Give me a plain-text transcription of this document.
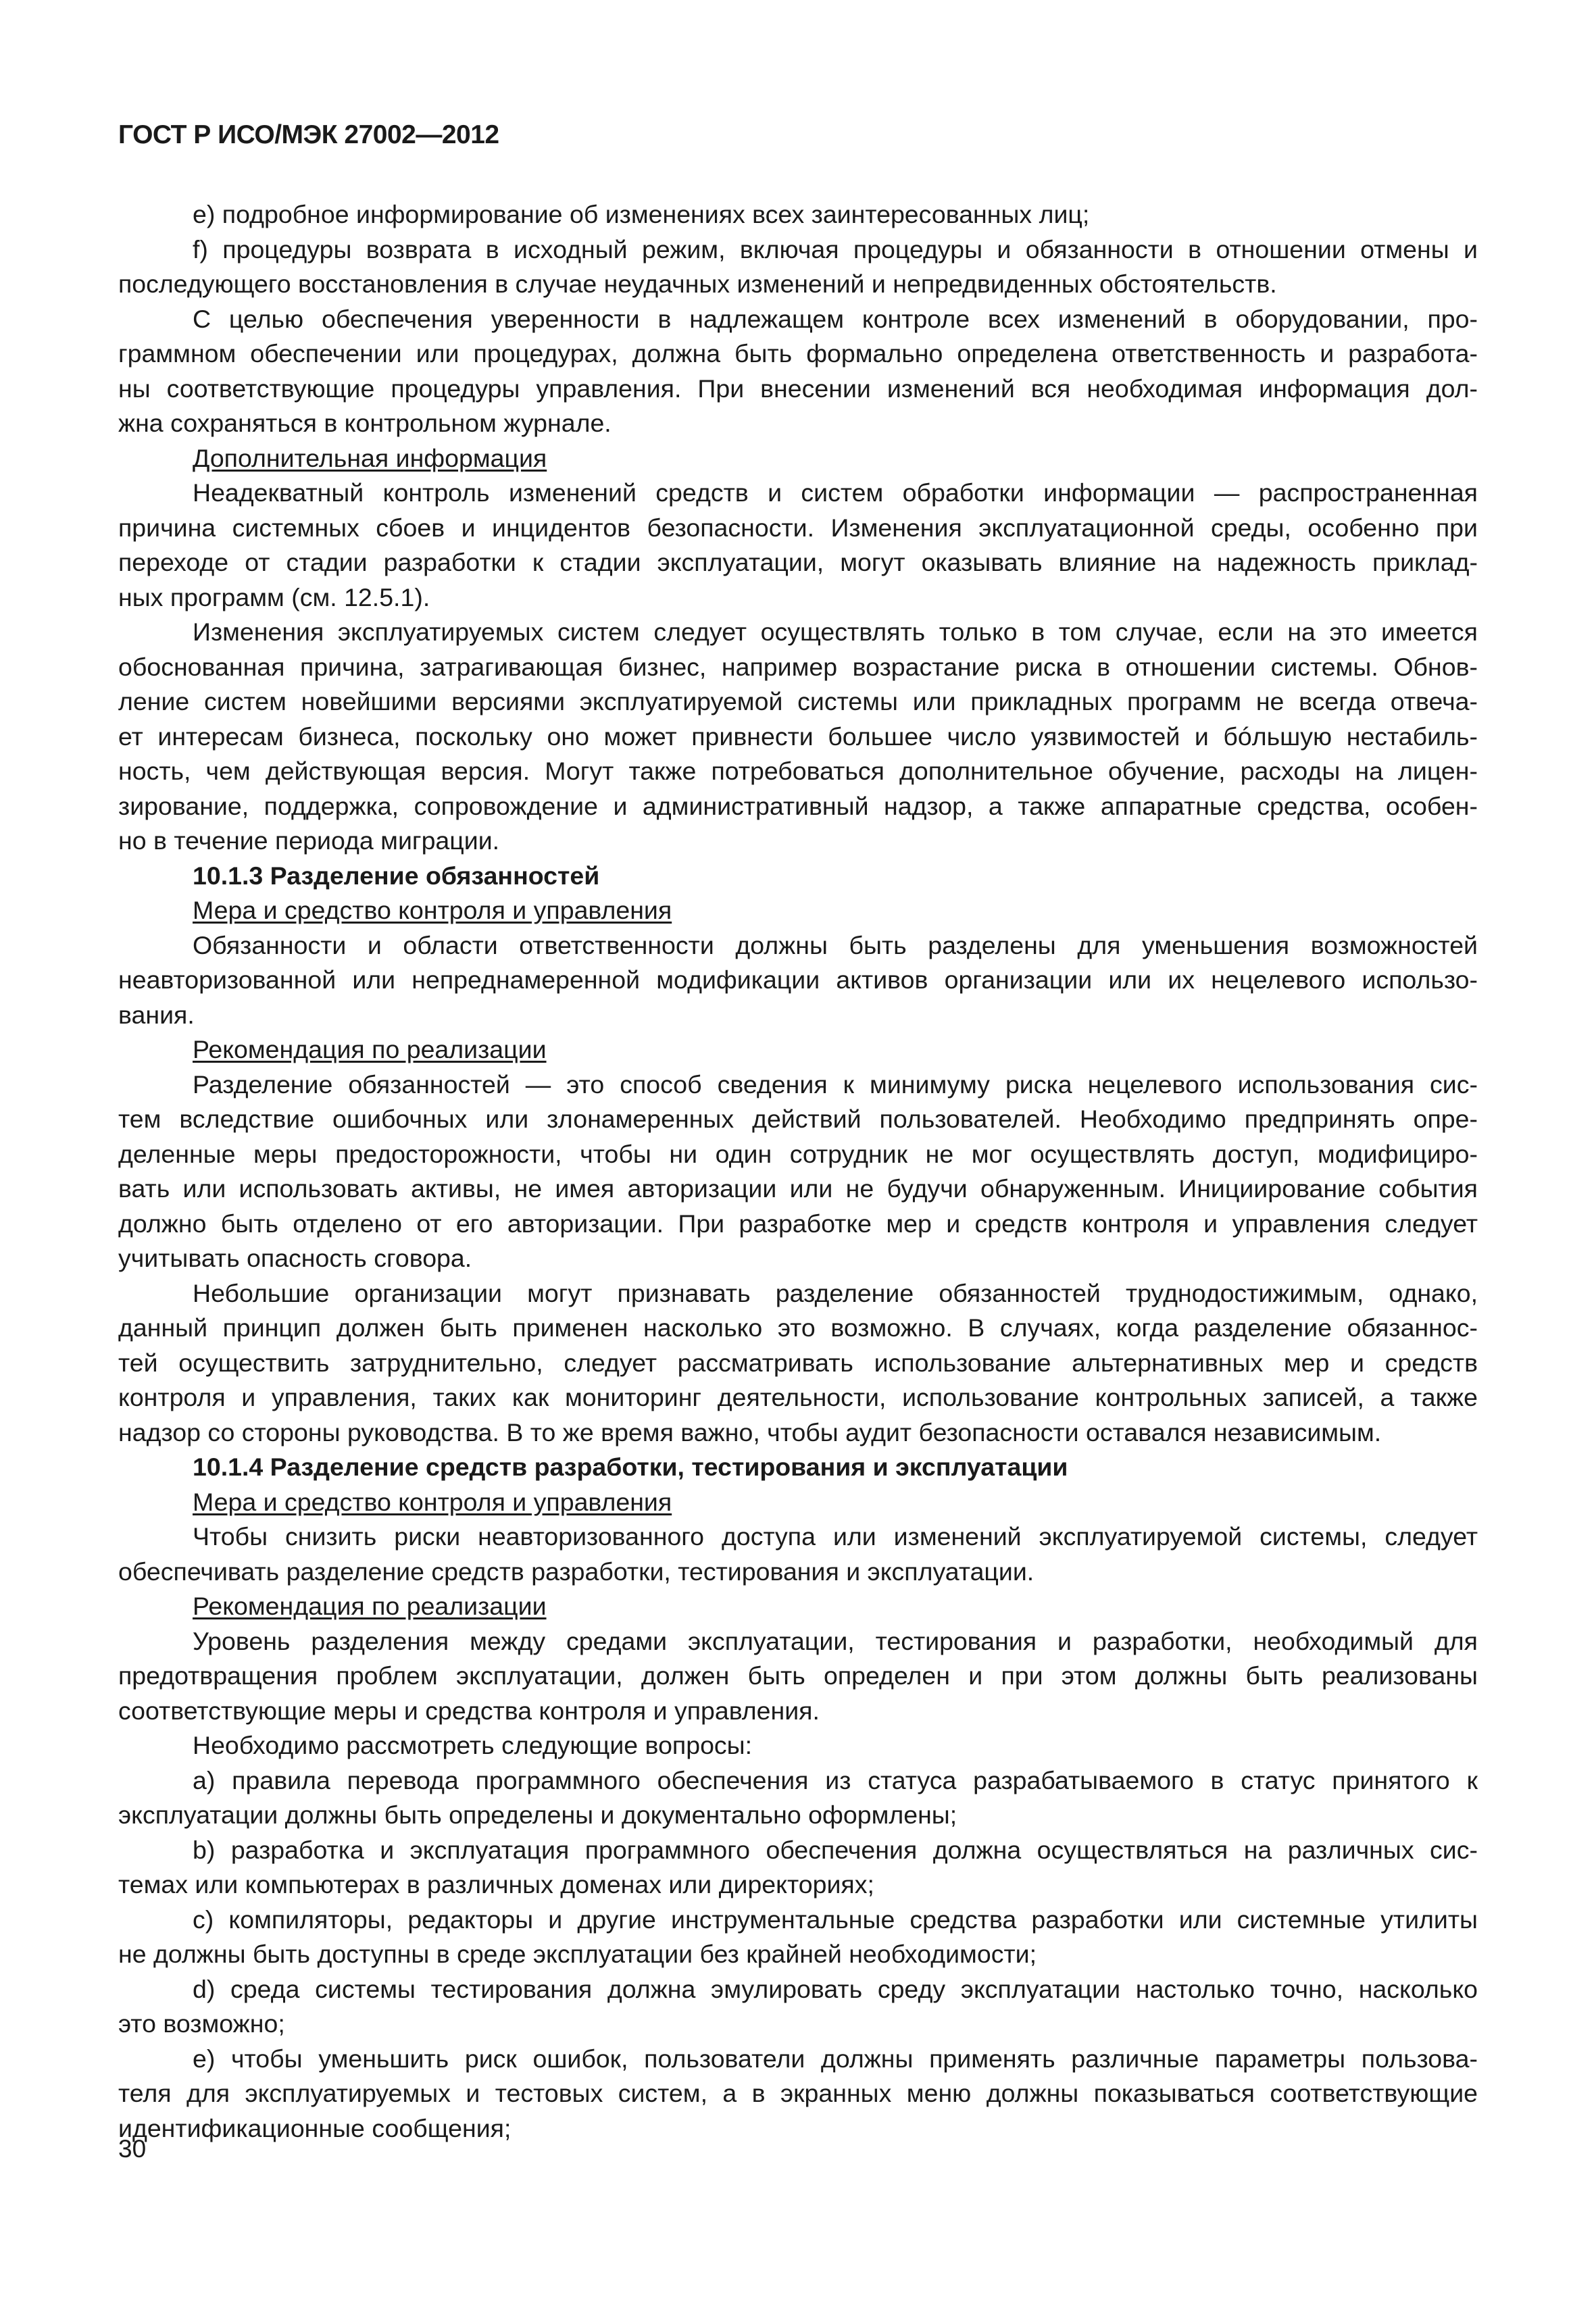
ГОСТ Р ИСО/МЭК 27002—2012
е) подробное информирование об изменениях всех заинтересованных лиц;
f) процедуры возврата в исходный режим, включая процедуры и обязанности в отношении отмены и
последующего восстановления в случае неудачных изменений и непредвиденных обстоятельств.
С целью обеспечения уверенности в надлежащем контроле всех изменений в оборудовании, про-
граммном обеспечении или процедурах, должна быть формально определена ответственность и разработа-
ны соответствующие процедуры управления. При внесении изменений вся необходимая информация дол-
жна сохраняться в контрольном журнале.
Дополнительная информация
Неадекватный контроль изменений средств и систем обработки информации — распространенная
причина системных сбоев и инцидентов безопасности. Изменения эксплуатационной среды, особенно при
переходе от стадии разработки к стадии эксплуатации, могут оказывать влияние на надежность приклад-
ных программ (см. 12.5.1).
Изменения эксплуатируемых систем следует осуществлять только в том случае, если на это имеется
обоснованная причина, затрагивающая бизнес, например возрастание риска в отношении системы. Обнов-
ление систем новейшими версиями эксплуатируемой системы или прикладных программ не всегда отвеча-
ет интересам бизнеса, поскольку оно может привнести большее число уязвимостей и бóльшую нестабиль-
ность, чем действующая версия. Могут также потребоваться дополнительное обучение, расходы на лицен-
зирование, поддержка, сопровождение и административный надзор, а также аппаратные средства, особен-
но в течение периода миграции.
10.1.3 Разделение обязанностей
Мера и средство контроля и управления
Обязанности и области ответственности должны быть разделены для уменьшения возможностей
неавторизованной или непреднамеренной модификации активов организации или их нецелевого использо-
вания.
Рекомендация по реализации
Разделение обязанностей — это способ сведения к минимуму риска нецелевого использования сис-
тем вследствие ошибочных или злонамеренных действий пользователей. Необходимо предпринять опре-
деленные меры предосторожности, чтобы ни один сотрудник не мог осуществлять доступ, модифициро-
вать или использовать активы, не имея авторизации или не будучи обнаруженным. Инициирование события
должно быть отделено от его авторизации. При разработке мер и средств контроля и управления следует
учитывать опасность сговора.
Небольшие организации могут признавать разделение обязанностей труднодостижимым, однако,
данный принцип должен быть применен насколько это возможно. В случаях, когда разделение обязаннос-
тей осуществить затруднительно, следует рассматривать использование альтернативных мер и средств
контроля и управления, таких как мониторинг деятельности, использование контрольных записей, а также
надзор со стороны руководства. В то же время важно, чтобы аудит безопасности оставался независимым.
10.1.4 Разделение средств разработки, тестирования и эксплуатации
Мера и средство контроля и управления
Чтобы снизить риски неавторизованного доступа или изменений эксплуатируемой системы, следует
обеспечивать разделение средств разработки, тестирования и эксплуатации.
Рекомендация по реализации
Уровень разделения между средами эксплуатации, тестирования и разработки, необходимый для
предотвращения проблем эксплуатации, должен быть определен и при этом должны быть реализованы
соответствующие меры и средства контроля и управления.
Необходимо рассмотреть следующие вопросы:
а) правила перевода программного обеспечения из статуса разрабатываемого в статус принятого к
эксплуатации должны быть определены и документально оформлены;
b) разработка и эксплуатация программного обеспечения должна осуществляться на различных сис-
темах или компьютерах в различных доменах или директориях;
с) компиляторы, редакторы и другие инструментальные средства разработки или системные утилиты
не должны быть доступны в среде эксплуатации без крайней необходимости;
d) среда системы тестирования должна эмулировать среду эксплуатации настолько точно, насколько
это возможно;
е) чтобы уменьшить риск ошибок, пользователи должны применять различные параметры пользова-
теля для эксплуатируемых и тестовых систем, а в экранных меню должны показываться соответствующие
идентификационные сообщения;
30
